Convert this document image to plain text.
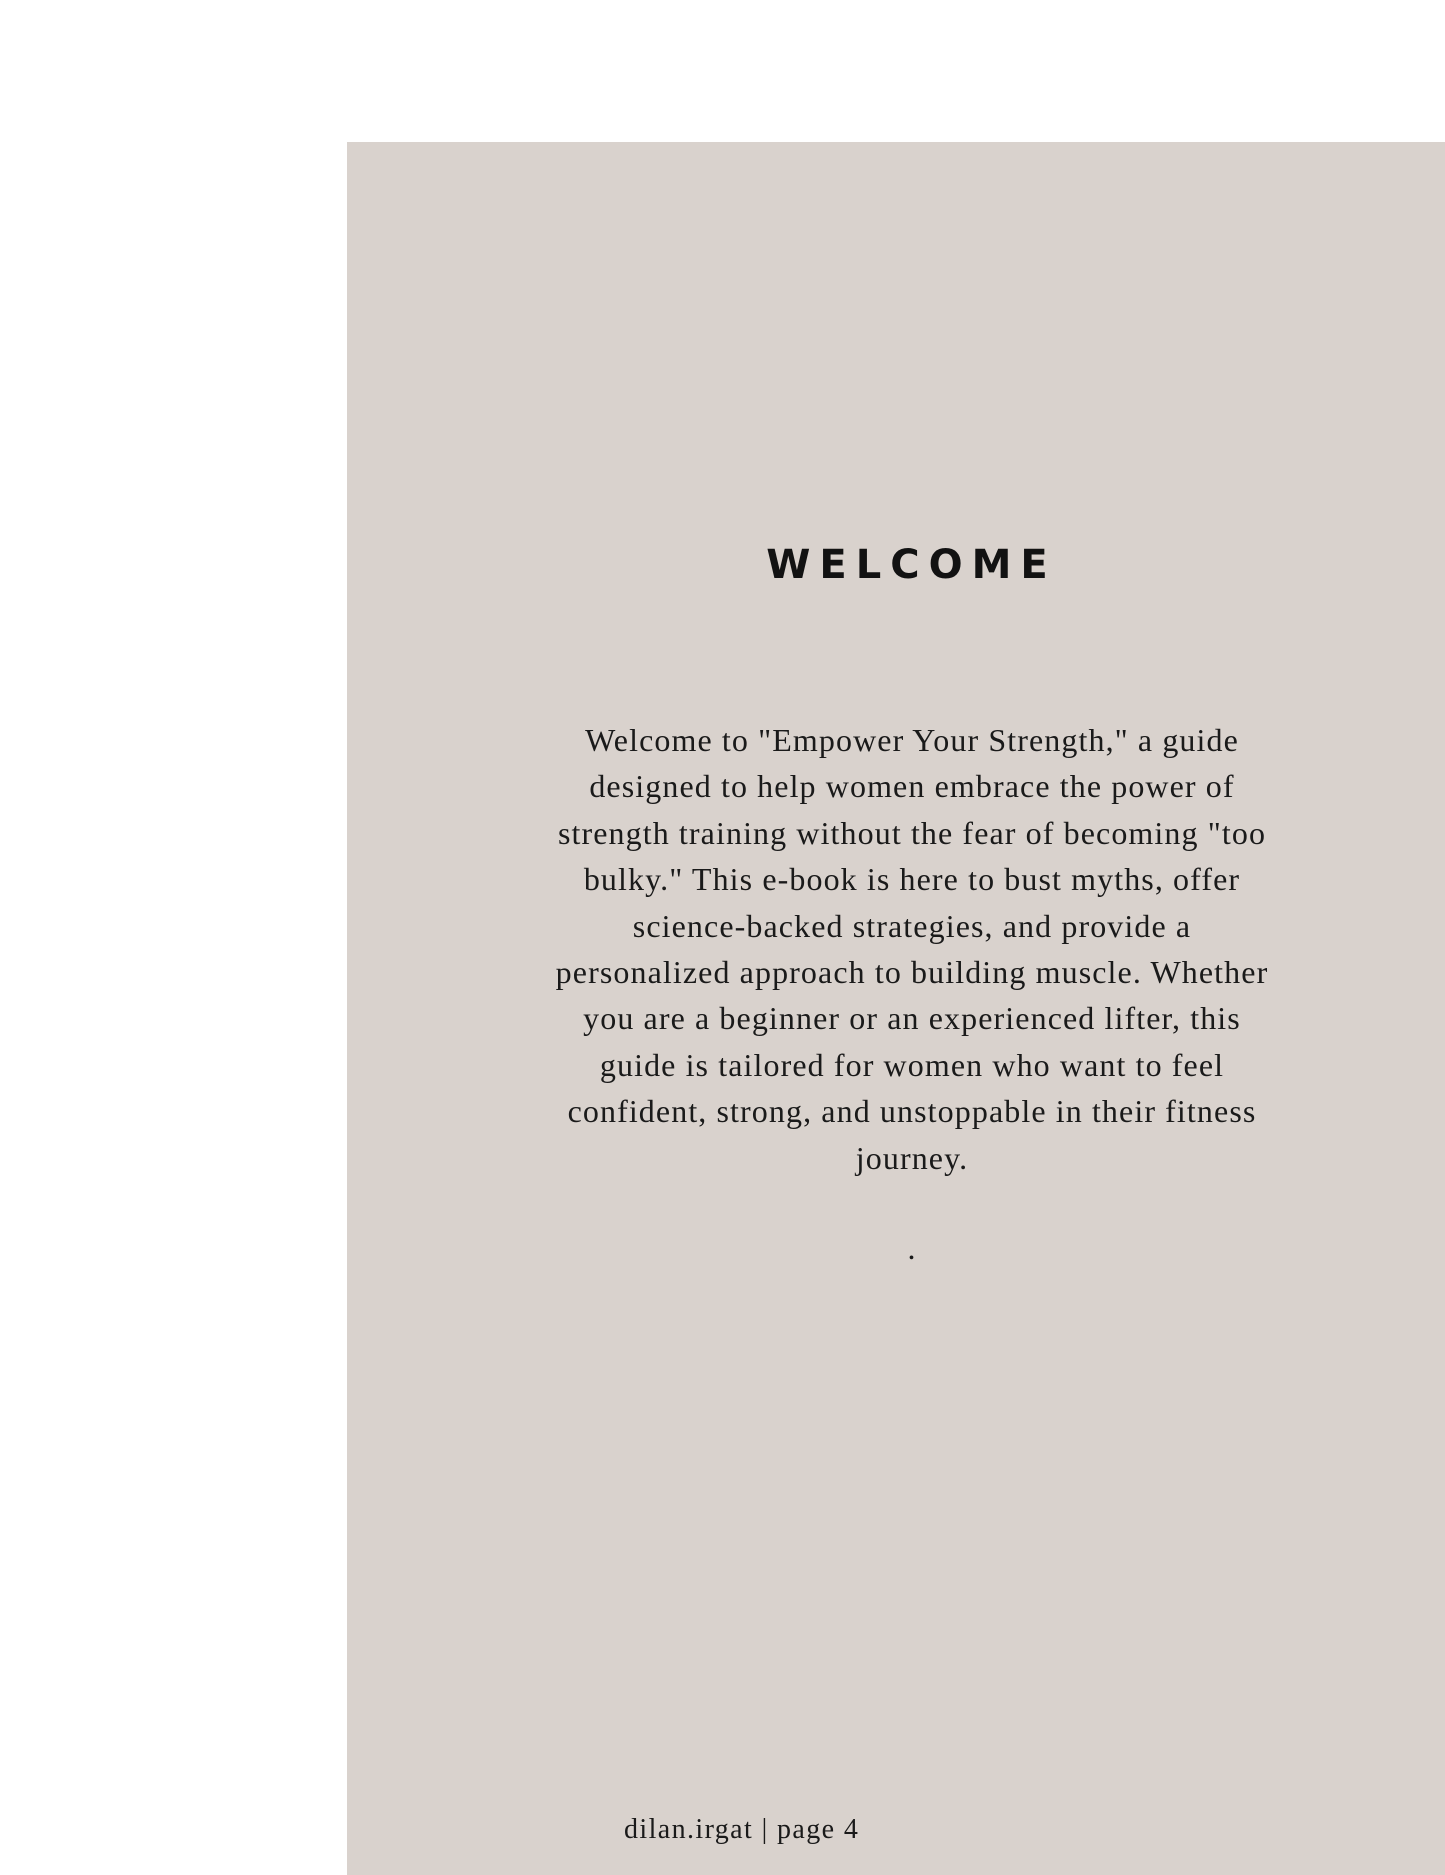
WELCOME

Welcome to "Empower Your Strength," a guide designed to help women embrace the power of strength training without the fear of becoming "too bulky." This e-book is here to bust myths, offer science-backed strategies, and provide a personalized approach to building muscle. Whether you are a beginner or an experienced lifter, this guide is tailored for women who want to feel confident, strong, and unstoppable in their fitness journey.

.

dilan.irgat | page 4
